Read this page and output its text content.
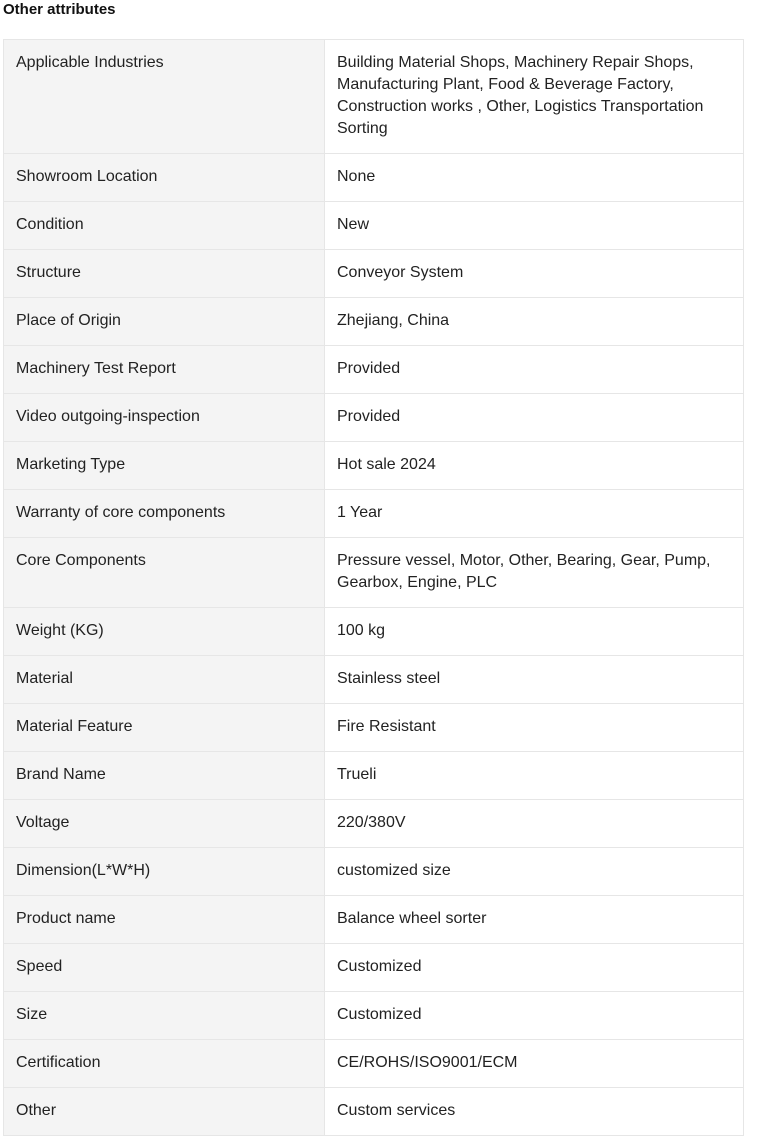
Other attributes
Applicable Industries	Building Material Shops, Machinery Repair Shops, Manufacturing Plant, Food & Beverage Factory, Construction works , Other, Logistics Transportation Sorting
Showroom Location	None
Condition	New
Structure	Conveyor System
Place of Origin	Zhejiang, China
Machinery Test Report	Provided
Video outgoing-inspection	Provided
Marketing Type	Hot sale 2024
Warranty of core components	1 Year
Core Components	Pressure vessel, Motor, Other, Bearing, Gear, Pump, Gearbox, Engine, PLC
Weight (KG)	100 kg
Material	Stainless steel
Material Feature	Fire Resistant
Brand Name	Trueli
Voltage	220/380V
Dimension(L*W*H)	customized size
Product name	Balance wheel sorter
Speed	Customized
Size	Customized
Certification	CE/ROHS/ISO9001/ECM
Other	Custom services
